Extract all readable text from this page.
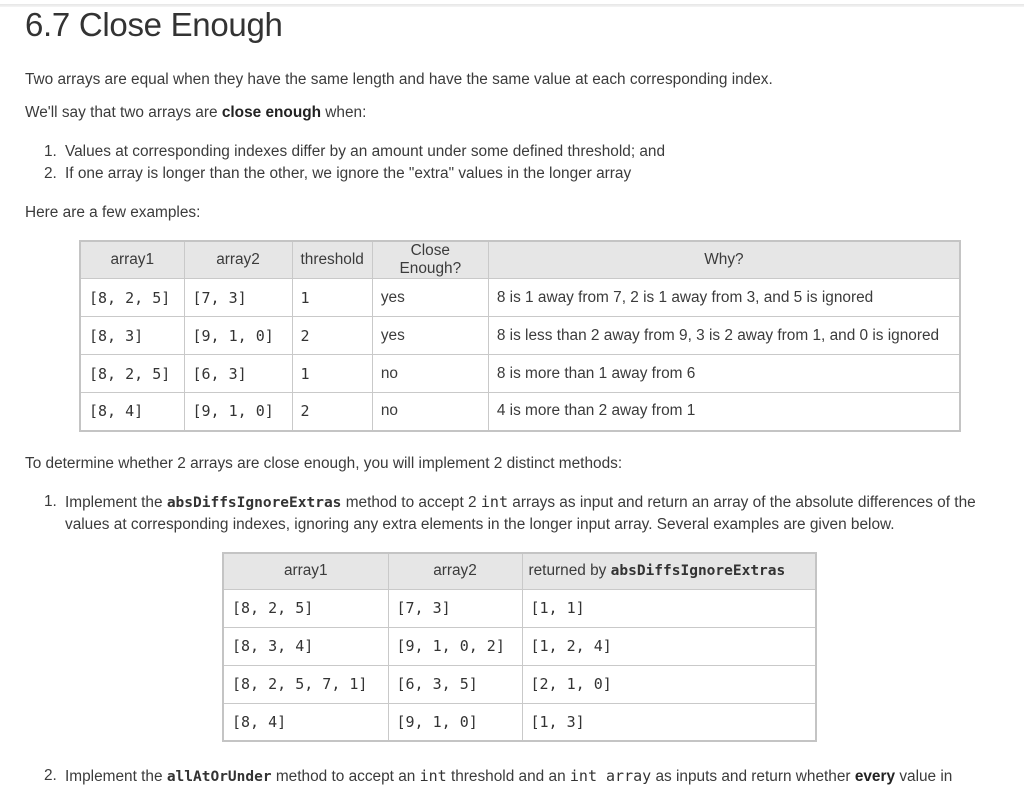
6.7 Close Enough

Two arrays are equal when they have the same length and have the same value at each corresponding index.

We'll say that two arrays are close enough when:

1. Values at corresponding indexes differ by an amount under some defined threshold; and
2. If one array is longer than the other, we ignore the "extra" values in the longer array

Here are a few examples:

array1	array2	threshold	Close Enough?	Why?
[8, 2, 5]	[7, 3]	1	yes	8 is 1 away from 7, 2 is 1 away from 3, and 5 is ignored
[8, 3]	[9, 1, 0]	2	yes	8 is less than 2 away from 9, 3 is 2 away from 1, and 0 is ignored
[8, 2, 5]	[6, 3]	1	no	8 is more than 1 away from 6
[8, 4]	[9, 1, 0]	2	no	4 is more than 2 away from 1

To determine whether 2 arrays are close enough, you will implement 2 distinct methods:

1. Implement the absDiffsIgnoreExtras method to accept 2 int arrays as input and return an array of the absolute differences of the values at corresponding indexes, ignoring any extra elements in the longer input array. Several examples are given below.
array1	array2	returned by absDiffsIgnoreExtras
[8, 2, 5]	[7, 3]	[1, 1]
[8, 3, 4]	[9, 1, 0, 2]	[1, 2, 4]
[8, 2, 5, 7, 1]	[6, 3, 5]	[2, 1, 0]
[8, 4]	[9, 1, 0]	[1, 3]
2. Implement the allAtOrUnder method to accept an int threshold and an int array as inputs and return whether every value in
